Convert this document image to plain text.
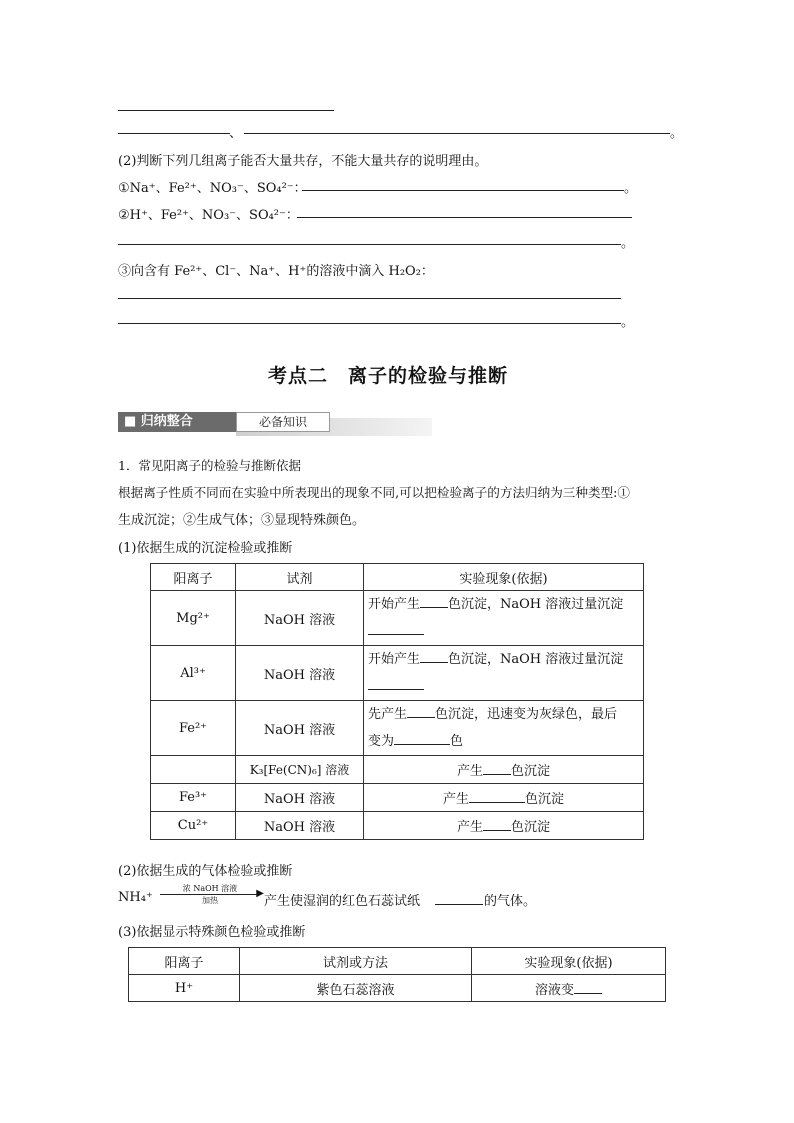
、	。
(2)判断下列几组离子能否大量共存，不能大量共存的说明理由。
①Na⁺、Fe²⁺、NO₃⁻、SO₄²⁻：	。
②H⁺、Fe²⁺、NO₃⁻、SO₄²⁻：
。
③向含有 Fe²⁺、Cl⁻、Na⁺、H⁺的溶液中滴入 H₂O₂：
。
考点二　离子的检验与推断
■ 归纳整合	必备知识
1．常见阳离子的检验与推断依据
根据离子性质不同而在实验中所表现出的现象不同,可以把检验离子的方法归纳为三种类型:①
生成沉淀；②生成气体；③显现特殊颜色。
(1)依据生成的沉淀检验或推断
阳离子	试剂	实验现象(依据)
Mg²⁺	NaOH 溶液	开始产生 色沉淀，NaOH 溶液过量沉淀

Al³⁺	NaOH 溶液	开始产生 色沉淀，NaOH 溶液过量沉淀

Fe²⁺	NaOH 溶液	先产生 色沉淀，迅速变为灰绿色，最后
变为 色
	K₃[Fe(CN)₆] 溶液	产生 色沉淀
Fe³⁺	NaOH 溶液	产生 色沉淀
Cu²⁺	NaOH 溶液	产生 色沉淀
(2)依据生成的气体检验或推断
NH₄⁺
浓 NaOH 溶液	▶
加热	产生使湿润的红色石蕊试纸	的气体。
(3)依据显示特殊颜色检验或推断
阳离子	试剂或方法	实验现象(依据)
H⁺	紫色石蕊溶液	溶液变
